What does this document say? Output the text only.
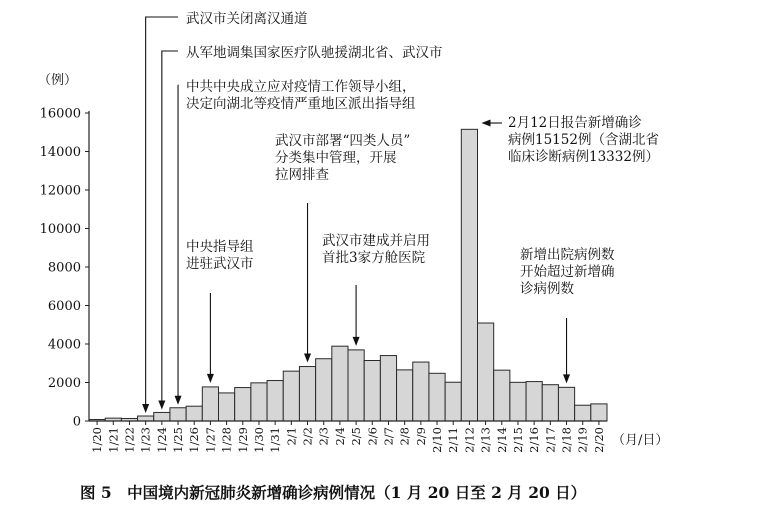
0
2000
4000
6000
8000
10000
12000
14000
16000
1/20 1/21 1/22 1/23 1/24 1/25 1/26 1/27 1/28 1/29 1/30 1/31 2/1 2/2 2/3 2/4 2/5 2/6 2/7 2/8 2/9 2/10 2/11 2/12 2/13 2/14 2/15 2/16 2/17 2/18 2/19 2/20
武汉市关闭离汉通道
从军地调集国家医疗队驰援湖北省、武汉市
中共中央成立应对疫情工作领导小组，
决定向湖北等疫情严重地区派出指导组
中央指导组
进驻武汉市
武汉市部署“四类人员”
分类集中管理，开展
拉网排查
武汉市建成并启用
首批3家方舱医院
2月12日报告新增确诊
病例15152例（含湖北省
临床诊断病例13332例）
新增出院病例数
开始超过新增确
诊病例数
（例）
（月/日）
图 5　中国境内新冠肺炎新增确诊病例情况（1 月 20 日至 2 月 20 日）
